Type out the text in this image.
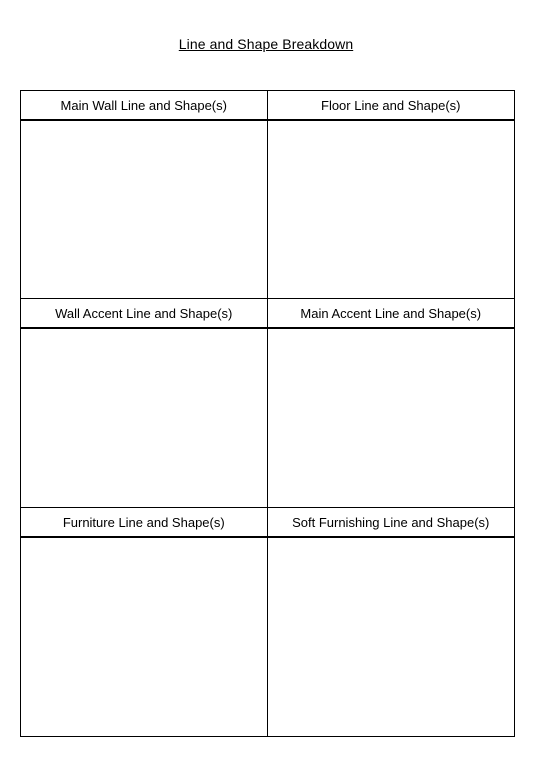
Line and Shape Breakdown
Main Wall Line and Shape(s)	Floor Line and Shape(s)
Wall Accent Line and Shape(s)	Main Accent Line and Shape(s)
Furniture Line and Shape(s)	Soft Furnishing Line and Shape(s)
